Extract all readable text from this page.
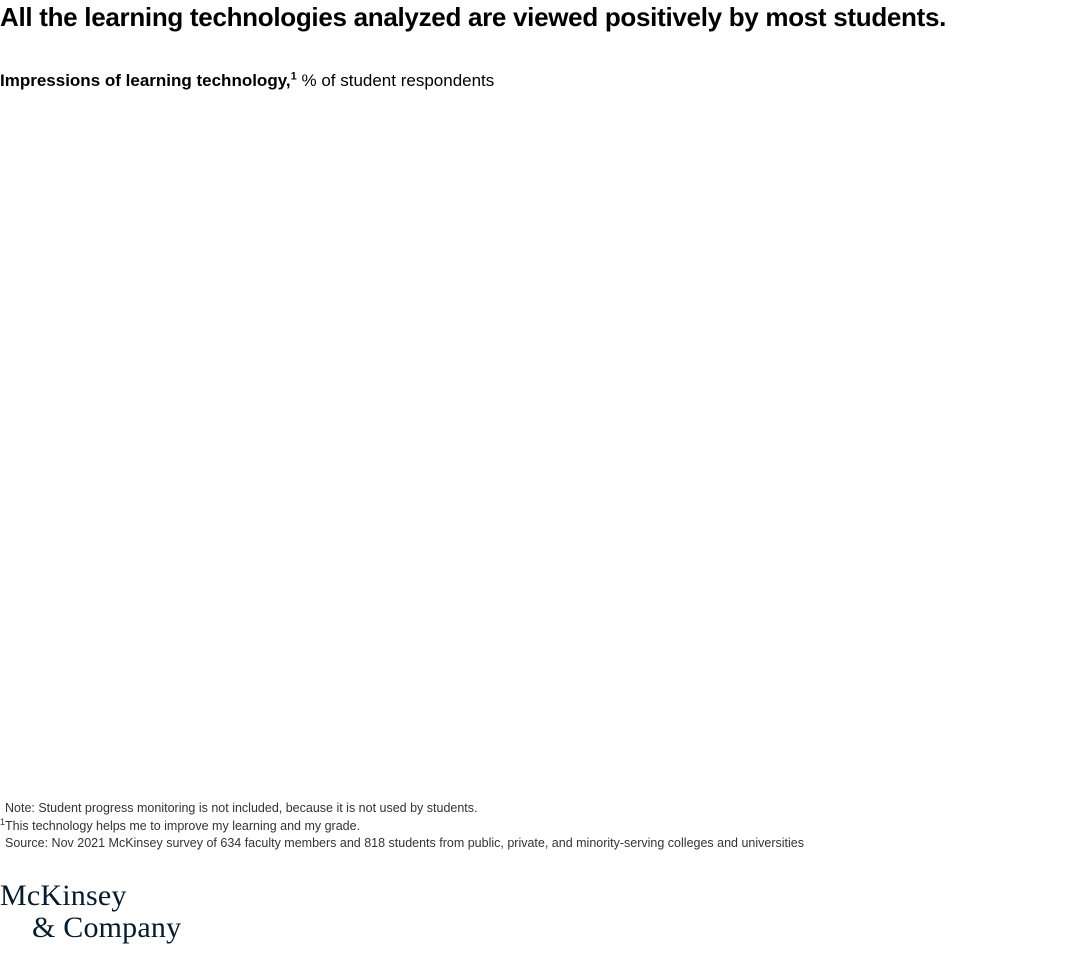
All the learning technologies analyzed are viewed positively by most students.
Impressions of learning technology,$^1$ % of student respondents
Note: Student progress monitoring is not included, because it is not used by students.
$^1$This technology helps me to improve my learning and my grade.
Source: Nov 2021 McKinsey survey of 634 faculty members and 818 students from public, private, and minority-serving colleges and universities
McKinsey
& Company
